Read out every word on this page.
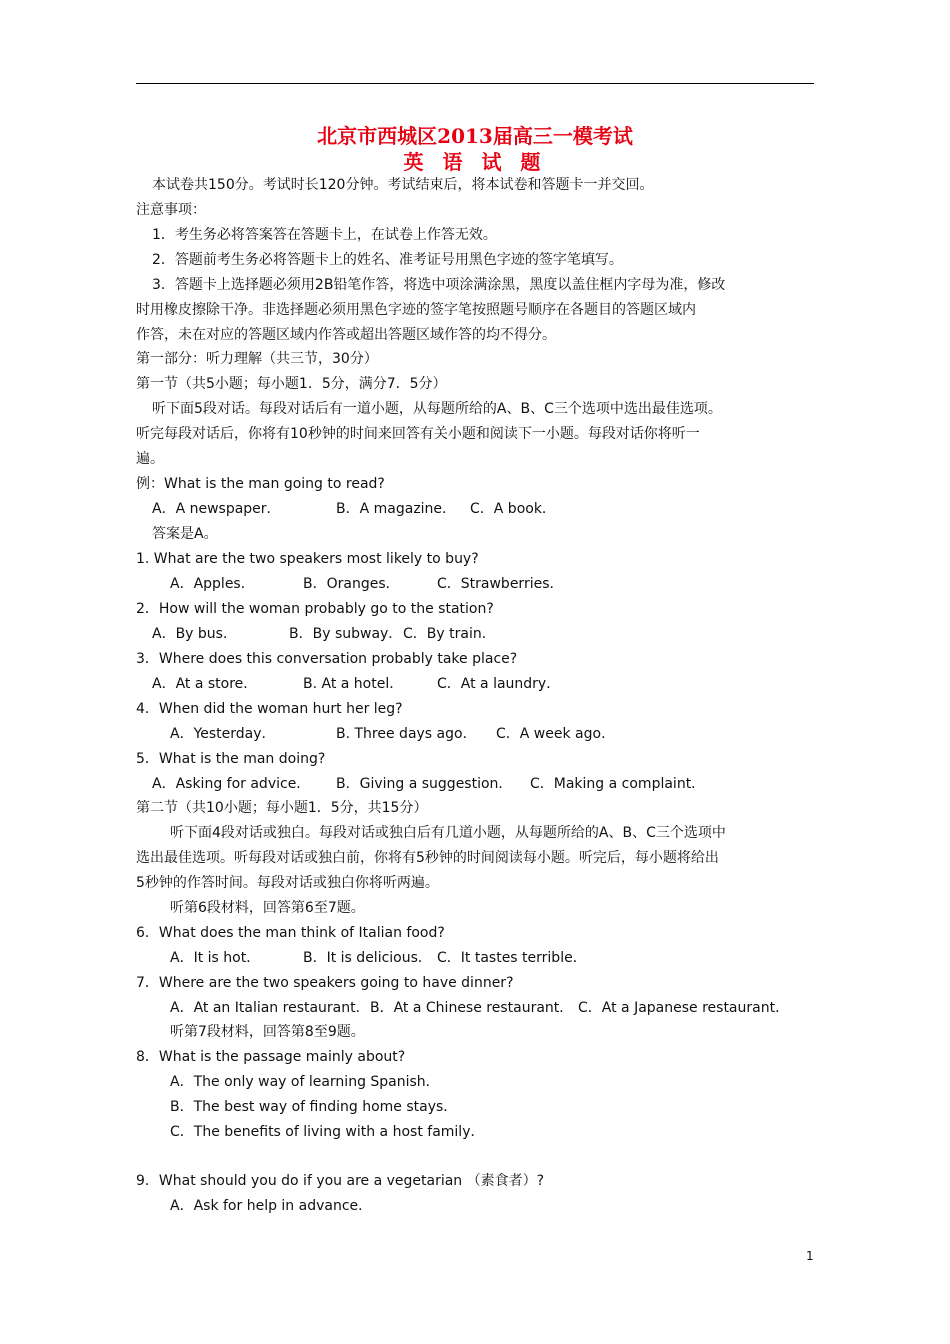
北京市西城区2013届高三一模考试
英 语 试 题
本试卷共150分。考试时长120分钟。考试结束后，将本试卷和答题卡一并交回。
注意事项：
1．考生务必将答案答在答题卡上，在试卷上作答无效。
2．答题前考生务必将答题卡上的姓名、准考证号用黑色字迹的签字笔填写。
3．答题卡上选择题必须用2B铅笔作答，将选中项涂满涂黑，黑度以盖住框内字母为准，修改
时用橡皮擦除干净。非选择题必须用黑色字迹的签字笔按照题号顺序在各题目的答题区域内
作答，未在对应的答题区域内作答或超出答题区域作答的均不得分。
第一部分：听力理解（共三节，30分）
第一节（共5小题；每小题1．5分，满分7．5分）
听下面5段对话。每段对话后有一道小题，从每题所给的A、B、C三个选项中选出最佳选项。
听完每段对话后，你将有10秒钟的时间来回答有关小题和阅读下一小题。每段对话你将听一
遍。
例：What is the man going to read?
A．A newspaper．	B．A magazine． C．A book．
答案是A。
1. What are the two speakers most likely to buy?
A．Apples．	B．Oranges．	C．Strawberries．
2．How will the woman probably go to the station?
A．By bus．	B．By subway． C．By train．
3．Where does this conversation probably take place?
A．At a store．	B. At a hotel． C．At a laundry．
4．When did the woman hurt her leg?
A．Yesterday．	B. Three days ago． C．A week ago．
5．What is the man doing?
A．Asking for advice． B．Giving a suggestion． C．Making a complaint．
第二节（共10小题；每小题1．5分，共15分）
听下面4段对话或独白。每段对话或独白后有几道小题，从每题所给的A、B、C三个选项中
选出最佳选项。听每段对话或独白前，你将有5秒钟的时间阅读每小题。听完后，每小题将给出
5秒钟的作答时间。每段对话或独白你将听两遍。
听第6段材料，回答第6至7题。
6．What does the man think of Italian food?
A．It is hot．	B．It is delicious． C．It tastes terrible．
7．Where are the two speakers going to have dinner?
A．At an Italian restaurant． B．At a Chinese restaurant． C．At a Japanese restaurant．
听第7段材料，回答第8至9题。
8．What is the passage mainly about?
A．The only way of learning Spanish．
B．The best way of finding home stays．
C．The benefits of living with a host family．
9．What should you do if you are a vegetarian （素食者）?
A．Ask for help in advance．
1
